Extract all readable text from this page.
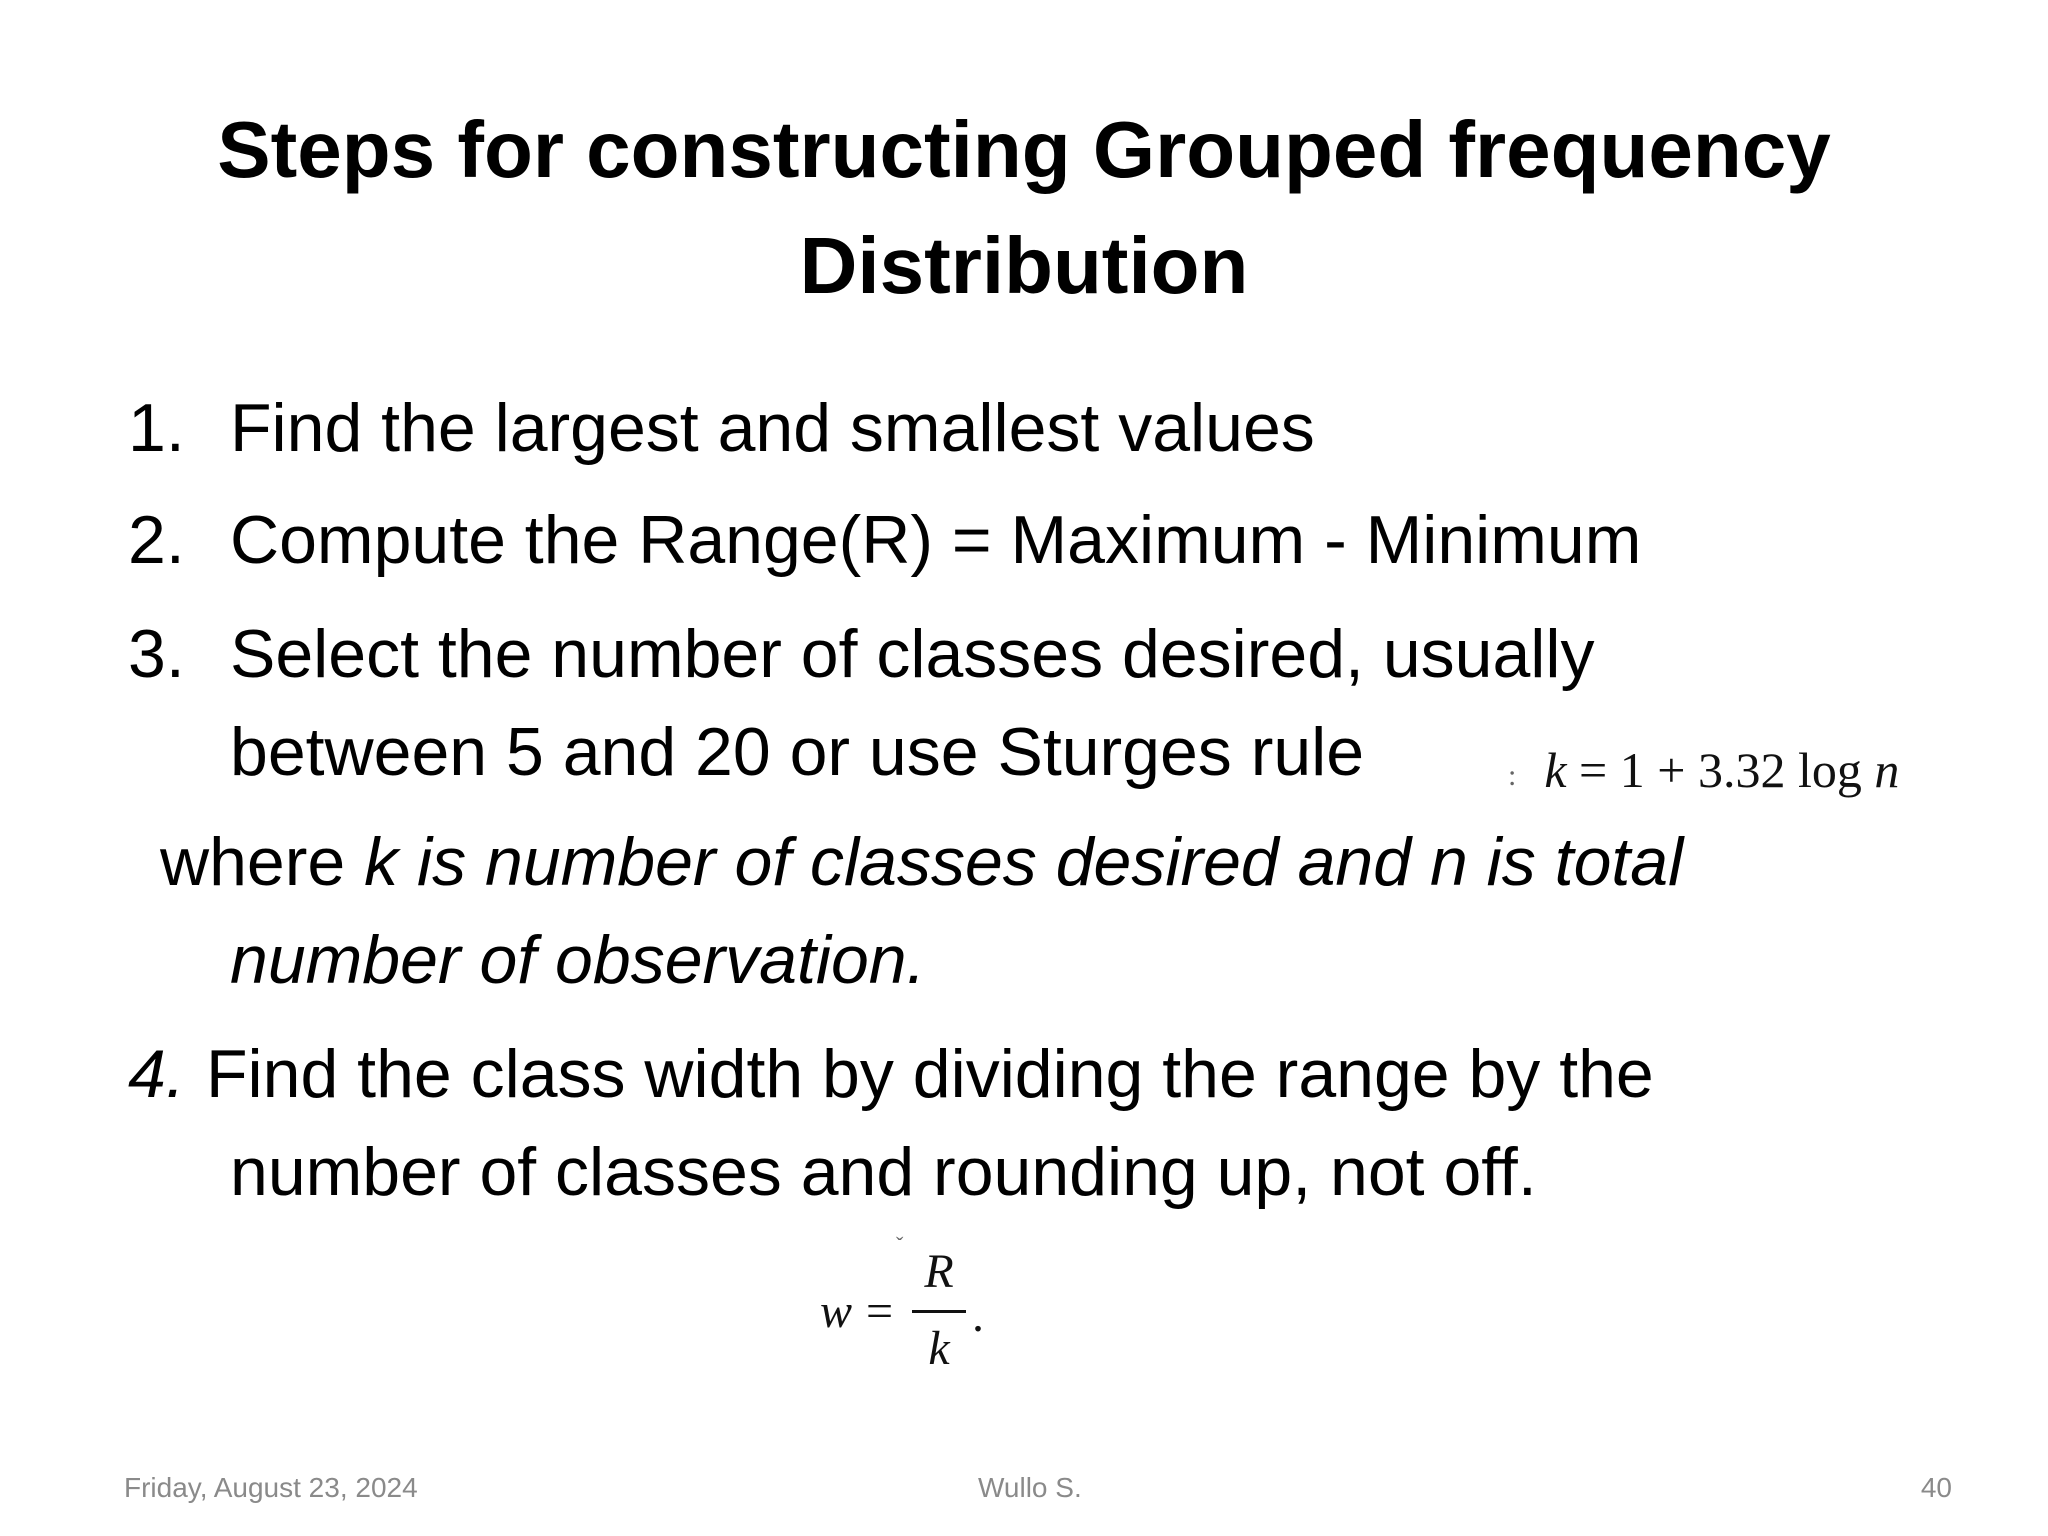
Steps for constructing Grouped frequency
Distribution
1. Find the largest and smallest values
2. Compute the Range(R) = Maximum - Minimum
3. Select the number of classes desired, usually
between 5 and 20 or use Sturges rule	: k = 1 + 3.32 log n
where k is number of classes desired and n is total
number of observation.
4. Find the class width by dividing the range by the
number of classes and rounding up, not off.
ˇ
w =
R
k
.
Friday, August 23, 2024	Wullo S.	40
